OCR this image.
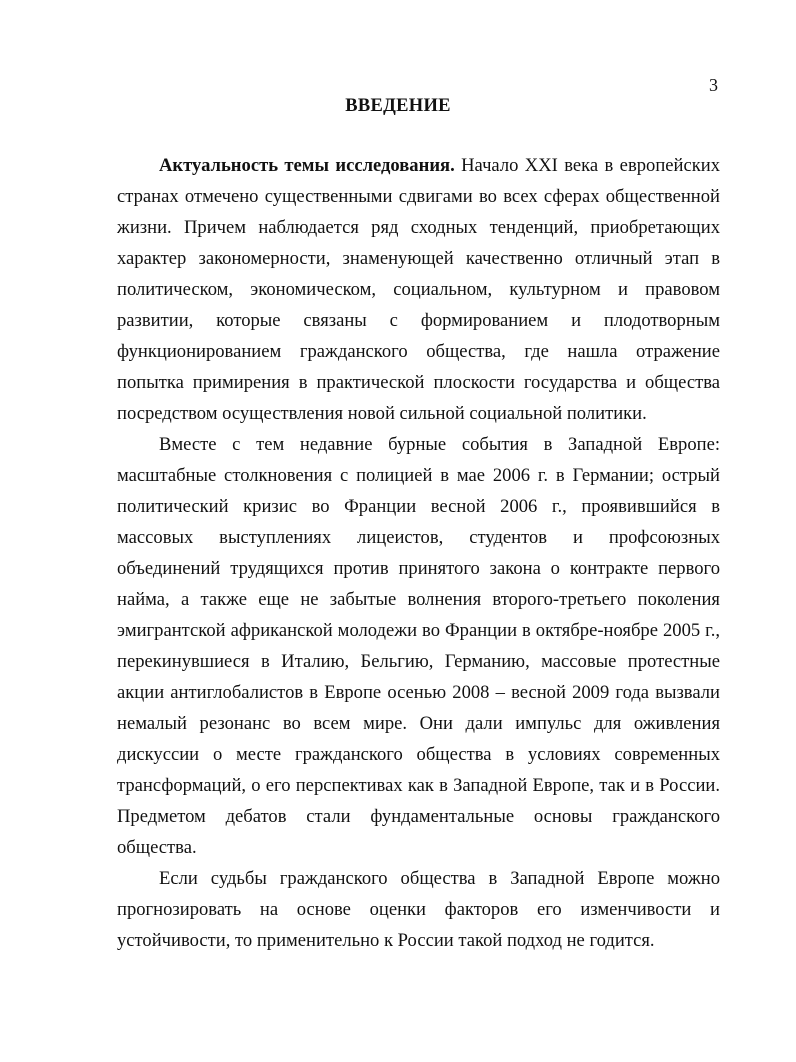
3
ВВЕДЕНИЕ

Актуальность темы исследования. Начало XXI века в европейских странах отмечено существенными сдвигами во всех сферах общественной жизни. Причем наблюдается ряд сходных тенденций, приобретающих характер закономерности, знаменующей качественно отличный этап в политическом, экономическом, социальном, культурном и правовом развитии, которые связаны с формированием и плодотворным функционированием гражданского общества, где нашла отражение попытка примирения в практической плоскости государства и общества посредством осуществления новой сильной социальной политики.

Вместе с тем недавние бурные события в Западной Европе: масштабные столкновения с полицией в мае 2006 г. в Германии; острый политический кризис во Франции весной 2006 г., проявившийся в массовых выступлениях лицеистов, студентов и профсоюзных объединений трудящихся против принятого закона о контракте первого найма, а также еще не забытые волнения второго-третьего поколения эмигрантской африканской молодежи во Франции в октябре-ноябре 2005 г., перекинувшиеся в Италию, Бельгию, Германию, массовые протестные акции антиглобалистов в Европе осенью 2008 – весной 2009 года вызвали немалый резонанс во всем мире. Они дали импульс для оживления дискуссии о месте гражданского общества в условиях современных трансформаций, о его перспективах как в Западной Европе, так и в России. Предметом дебатов стали фундаментальные основы гражданского общества.

Если судьбы гражданского общества в Западной Европе можно прогнозировать на основе оценки факторов его изменчивости и устойчивости, то применительно к России такой подход не годится.
